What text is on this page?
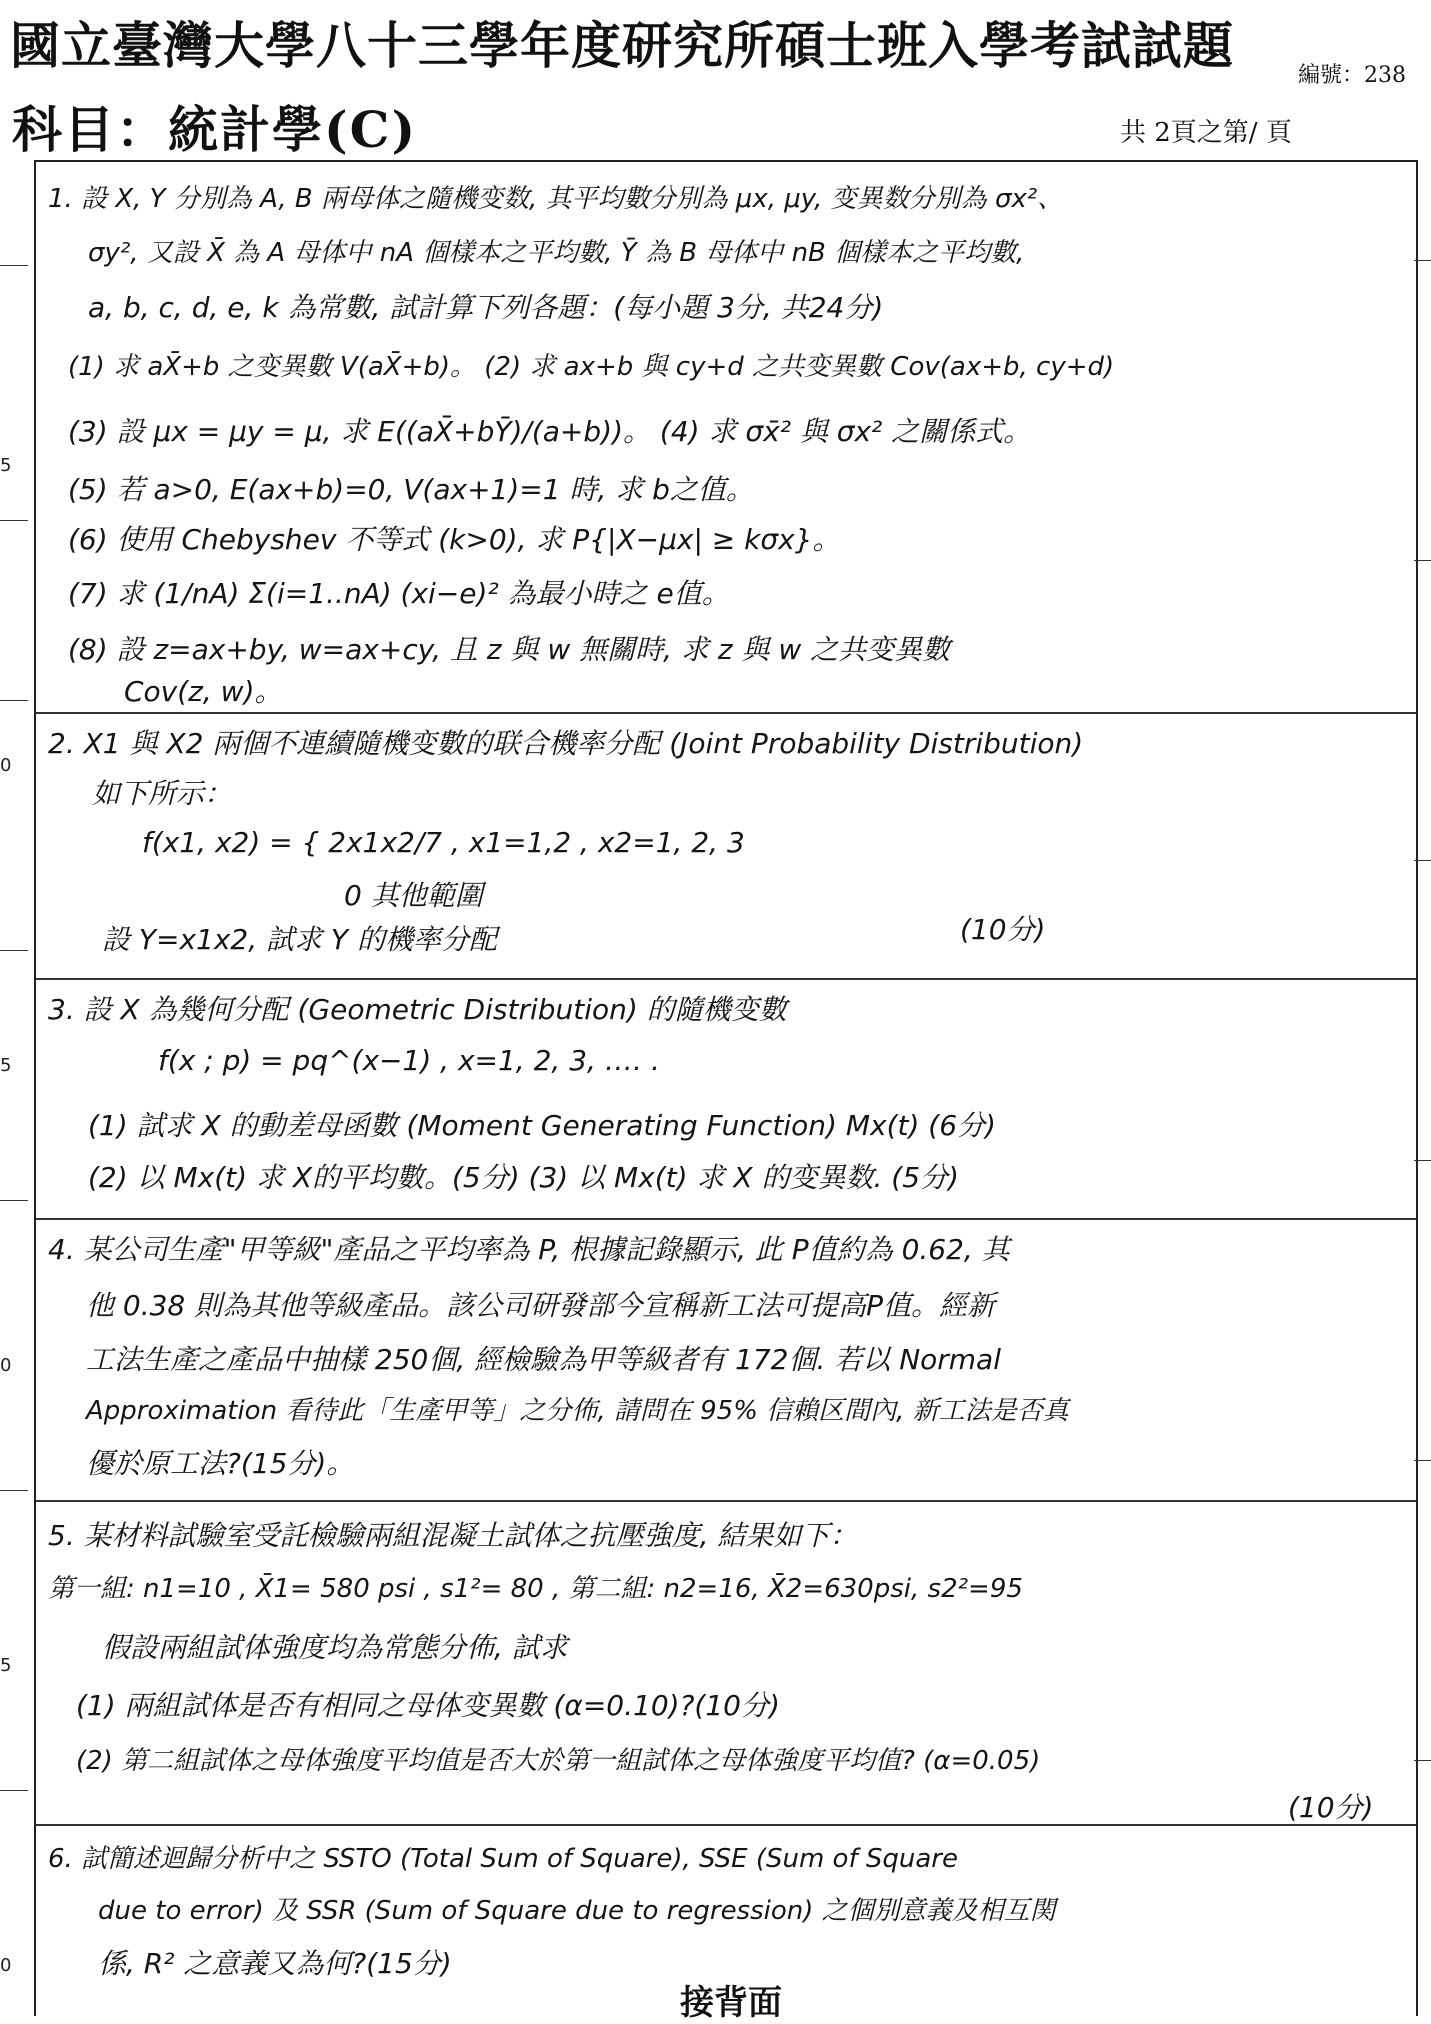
國立臺灣大學八十三學年度研究所碩士班入學考試試題
編號：238
科目：統計學(C)	共 2頁之第/ 頁
5
0
5
0
5
0
1. 設 X, Y 分別為 A, B 兩母体之隨機变数, 其平均數分別為 μx, μy, 变異数分別為 σx²、
σy², 又設 X̄ 為 A 母体中 nA 個樣本之平均數, Ȳ 為 B 母体中 nB 個樣本之平均數,
a, b, c, d, e, k 為常數, 試計算下列各題：(每小題 3分, 共24分)
(1) 求 aX̄+b 之变異數 V(aX̄+b)。 (2) 求 ax+b 與 cy+d 之共变異數 Cov(ax+b, cy+d)
(3) 設 μx = μy = μ, 求 E((aX̄+bȲ)/(a+b))。 (4) 求 σx̄² 與 σx² 之關係式。
(5) 若 a>0, E(ax+b)=0, V(ax+1)=1 時, 求 b之值。
(6) 使用 Chebyshev 不等式 (k>0), 求 P{|X−μx| ≥ kσx}。
(7) 求 (1/nA) Σ(i=1..nA) (xi−e)² 為最小時之 e值。
(8) 設 z=ax+by, w=ax+cy, 且 z 與 w 無關時, 求 z 與 w 之共变異數
Cov(z, w)。
2. X1 與 X2 兩個不連續隨機变數的联合機率分配 (Joint Probability Distribution)
如下所示：
f(x1, x2) = { 2x1x2/7 , x1=1,2 , x2=1, 2, 3
0 其他範圍
設 Y=x1x2, 試求 Y 的機率分配	(10分)
3. 設 X 為幾何分配 (Geometric Distribution) 的隨機变數
f(x ; p) = pq^(x−1) , x=1, 2, 3, ‥‥ .
(1) 試求 X 的動差母函數 (Moment Generating Function) Mx(t) (6分)
(2) 以 Mx(t) 求 X的平均數。(5分) (3) 以 Mx(t) 求 X 的变異数. (5分)
4. 某公司生產"甲等級"產品之平均率為 P, 根據記錄顯示, 此 P值約為 0.62, 其
他 0.38 則為其他等級產品。該公司研發部今宣稱新工法可提高P值。經新
工法生產之產品中抽樣 250個, 經檢驗為甲等級者有 172個. 若以 Normal
Approximation 看待此「生產甲等」之分佈, 請問在 95% 信賴区間內, 新工法是否真
優於原工法?(15分)。
5. 某材料試驗室受託檢驗兩組混凝土試体之抗壓強度, 結果如下：
第一組: n1=10 , X̄1= 580 psi , s1²= 80 , 第二組: n2=16, X̄2=630psi, s2²=95
假設兩組試体強度均為常態分佈, 試求
(1) 兩組試体是否有相同之母体变異數 (α=0.10)?(10分)
(2) 第二組試体之母体強度平均值是否大於第一組試体之母体強度平均值? (α=0.05)
(10分)
6. 試簡述迴歸分析中之 SSTO (Total Sum of Square), SSE (Sum of Square
due to error) 及 SSR (Sum of Square due to regression) 之個別意義及相互関
係, R² 之意義又為何?(15分)
接背面
